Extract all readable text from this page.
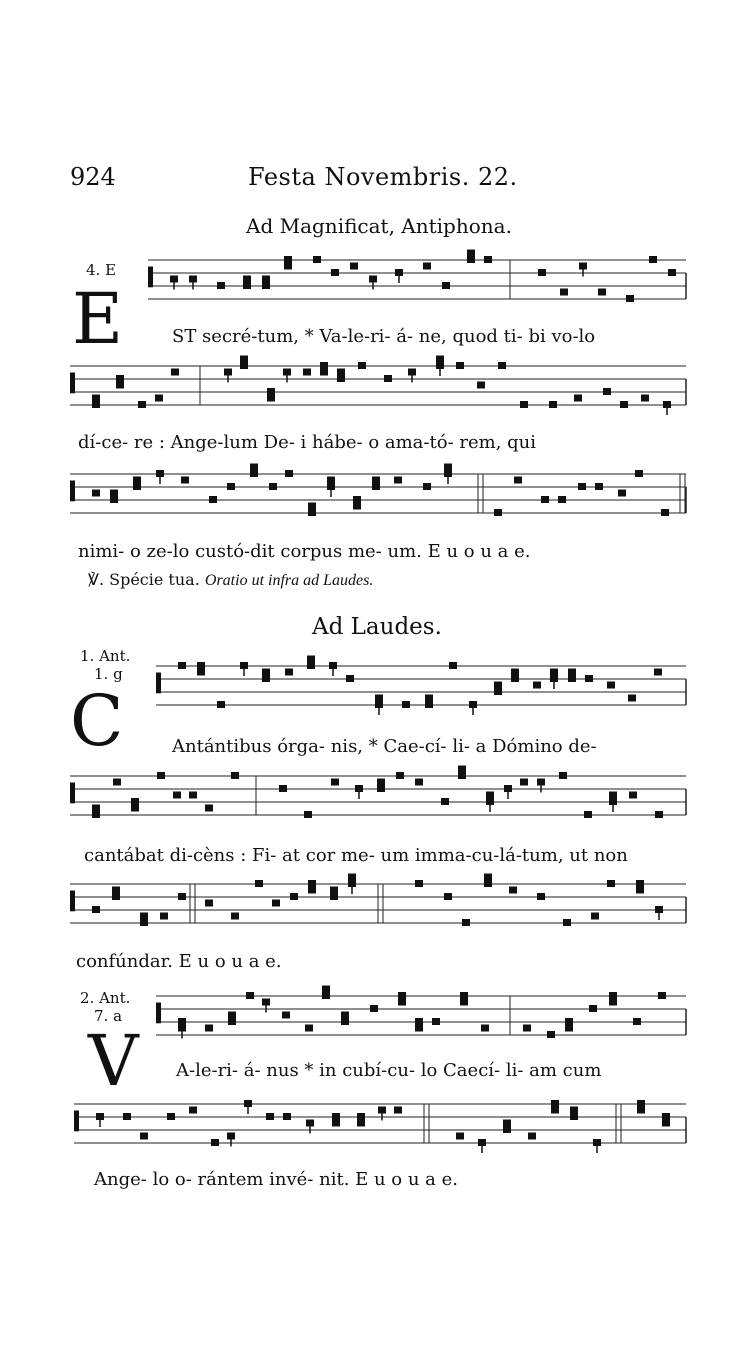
924	Festa Novembris. 22.
Ad Magnificat, Antiphona.
4. E
E	ST secré-tum, * Va-le-ri- á- ne, quod ti- bi vo-lo
dí-ce- re : Ange-lum De- i hábe- o ama-tó- rem, qui
nimi- o ze-lo custó-dit corpus me- um. E u o u a e.
℣. Spécie tua. Oratio ut infra ad Laudes.
Ad Laudes.
1. Ant.
1. g
C	Antántibus órga- nis, * Cae-cí- li- a Dómino de-
cantábat di-cèns : Fi- at cor me- um imma-cu-lá-tum, ut non
confúndar. E u o u a e.
2. Ant.
7. a
V A-le-ri- á- nus * in cubí-cu- lo Caecí- li- am cum
Ange- lo o- rántem invé- nit. E u o u a e.
